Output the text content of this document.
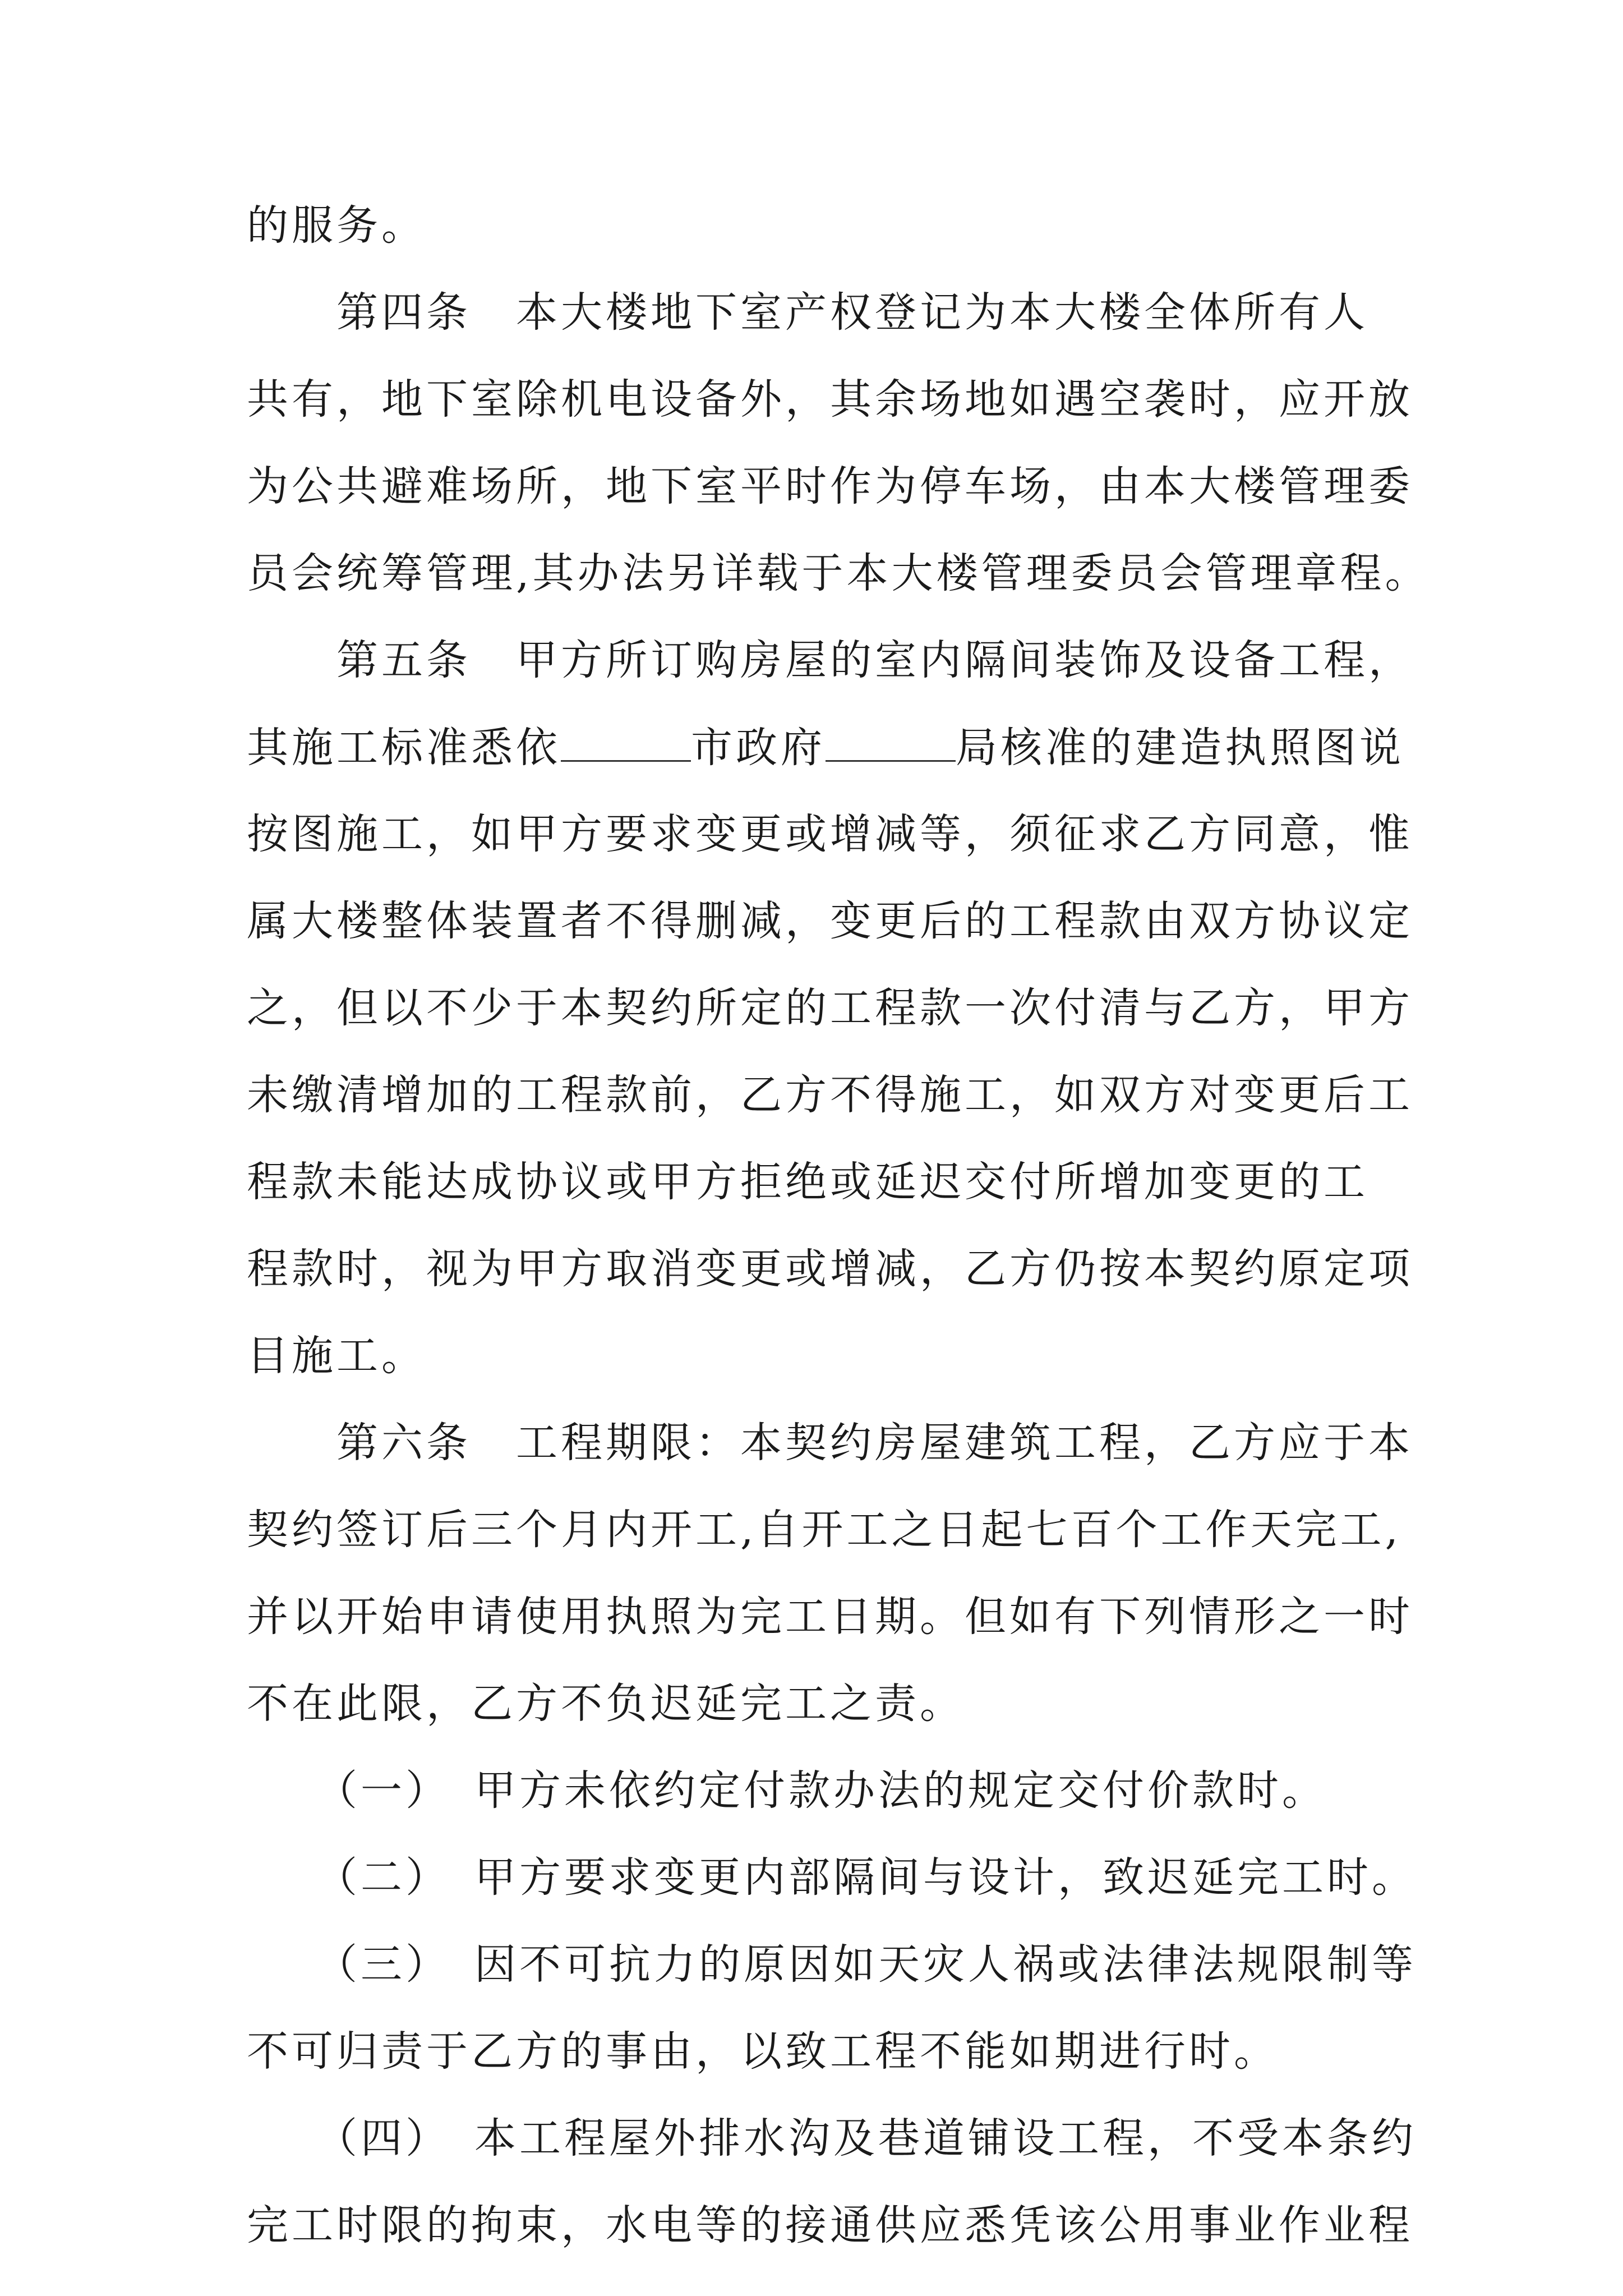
的服务。
　　第四条　本大楼地下室产权登记为本大楼全体所有人
共有，地下室除机电设备外，其余场地如遇空袭时，应开放
为公共避难场所，地下室平时作为停车场，由本大楼管理委
员会统筹管理,其办法另详载于本大楼管理委员会管理章程。
　　第五条　甲方所订购房屋的室内隔间装饰及设备工程，
其施工标准悉依	市政府	局核准的建造执照图说
按图施工，如甲方要求变更或增减等，须征求乙方同意，惟
属大楼整体装置者不得删减，变更后的工程款由双方协议定
之，但以不少于本契约所定的工程款一次付清与乙方，甲方
未缴清增加的工程款前，乙方不得施工，如双方对变更后工
程款未能达成协议或甲方拒绝或延迟交付所增加变更的工
程款时，视为甲方取消变更或增减，乙方仍按本契约原定项
目施工。
　　第六条　工程期限：本契约房屋建筑工程，乙方应于本
契约签订后三个月内开工,自开工之日起七百个工作天完工,
并以开始申请使用执照为完工日期。但如有下列情形之一时
不在此限，乙方不负迟延完工之责。
　　（一）　甲方未依约定付款办法的规定交付价款时。
　　（二）　甲方要求变更内部隔间与设计，致迟延完工时。
　　（三）　因不可抗力的原因如天灾人祸或法律法规限制等
不可归责于乙方的事由，以致工程不能如期进行时。
　　（四）　本工程屋外排水沟及巷道铺设工程，不受本条约
完工时限的拘束，水电等的接通供应悉凭该公用事业作业程
